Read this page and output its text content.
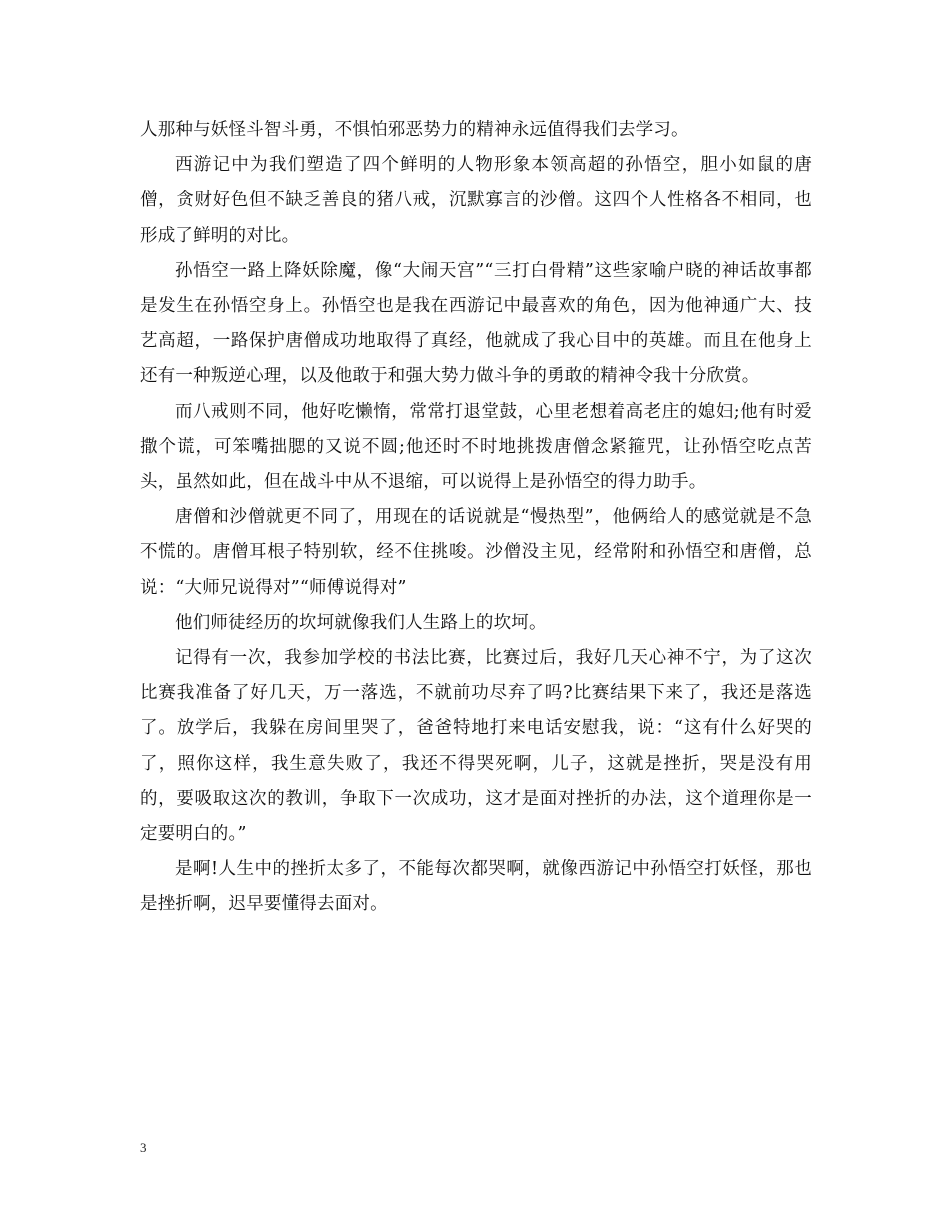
人那种与妖怪斗智斗勇，不惧怕邪恶势力的精神永远值得我们去学习。

西游记中为我们塑造了四个鲜明的人物形象本领高超的孙悟空，胆小如鼠的唐僧，贪财好色但不缺乏善良的猪八戒，沉默寡言的沙僧。这四个人性格各不相同，也形成了鲜明的对比。

孙悟空一路上降妖除魔，像“大闹天宫”“三打白骨精”这些家喻户晓的神话故事都是发生在孙悟空身上。孙悟空也是我在西游记中最喜欢的角色，因为他神通广大、技艺高超，一路保护唐僧成功地取得了真经，他就成了我心目中的英雄。而且在他身上还有一种叛逆心理，以及他敢于和强大势力做斗争的勇敢的精神令我十分欣赏。

而八戒则不同，他好吃懒惰，常常打退堂鼓，心里老想着高老庄的媳妇;他有时爱撒个谎，可笨嘴拙腮的又说不圆;他还时不时地挑拨唐僧念紧箍咒，让孙悟空吃点苦头，虽然如此，但在战斗中从不退缩，可以说得上是孙悟空的得力助手。

唐僧和沙僧就更不同了，用现在的话说就是“慢热型”，他俩给人的感觉就是不急不慌的。唐僧耳根子特别软，经不住挑唆。沙僧没主见，经常附和孙悟空和唐僧，总说：“大师兄说得对”“师傅说得对”

他们师徒经历的坎坷就像我们人生路上的坎坷。

记得有一次，我参加学校的书法比赛，比赛过后，我好几天心神不宁，为了这次比赛我准备了好几天，万一落选，不就前功尽弃了吗?比赛结果下来了，我还是落选了。放学后，我躲在房间里哭了，爸爸特地打来电话安慰我，说：“这有什么好哭的了，照你这样，我生意失败了，我还不得哭死啊，儿子，这就是挫折，哭是没有用的，要吸取这次的教训，争取下一次成功，这才是面对挫折的办法，这个道理你是一定要明白的。”

是啊!人生中的挫折太多了，不能每次都哭啊，就像西游记中孙悟空打妖怪，那也是挫折啊，迟早要懂得去面对。

3
